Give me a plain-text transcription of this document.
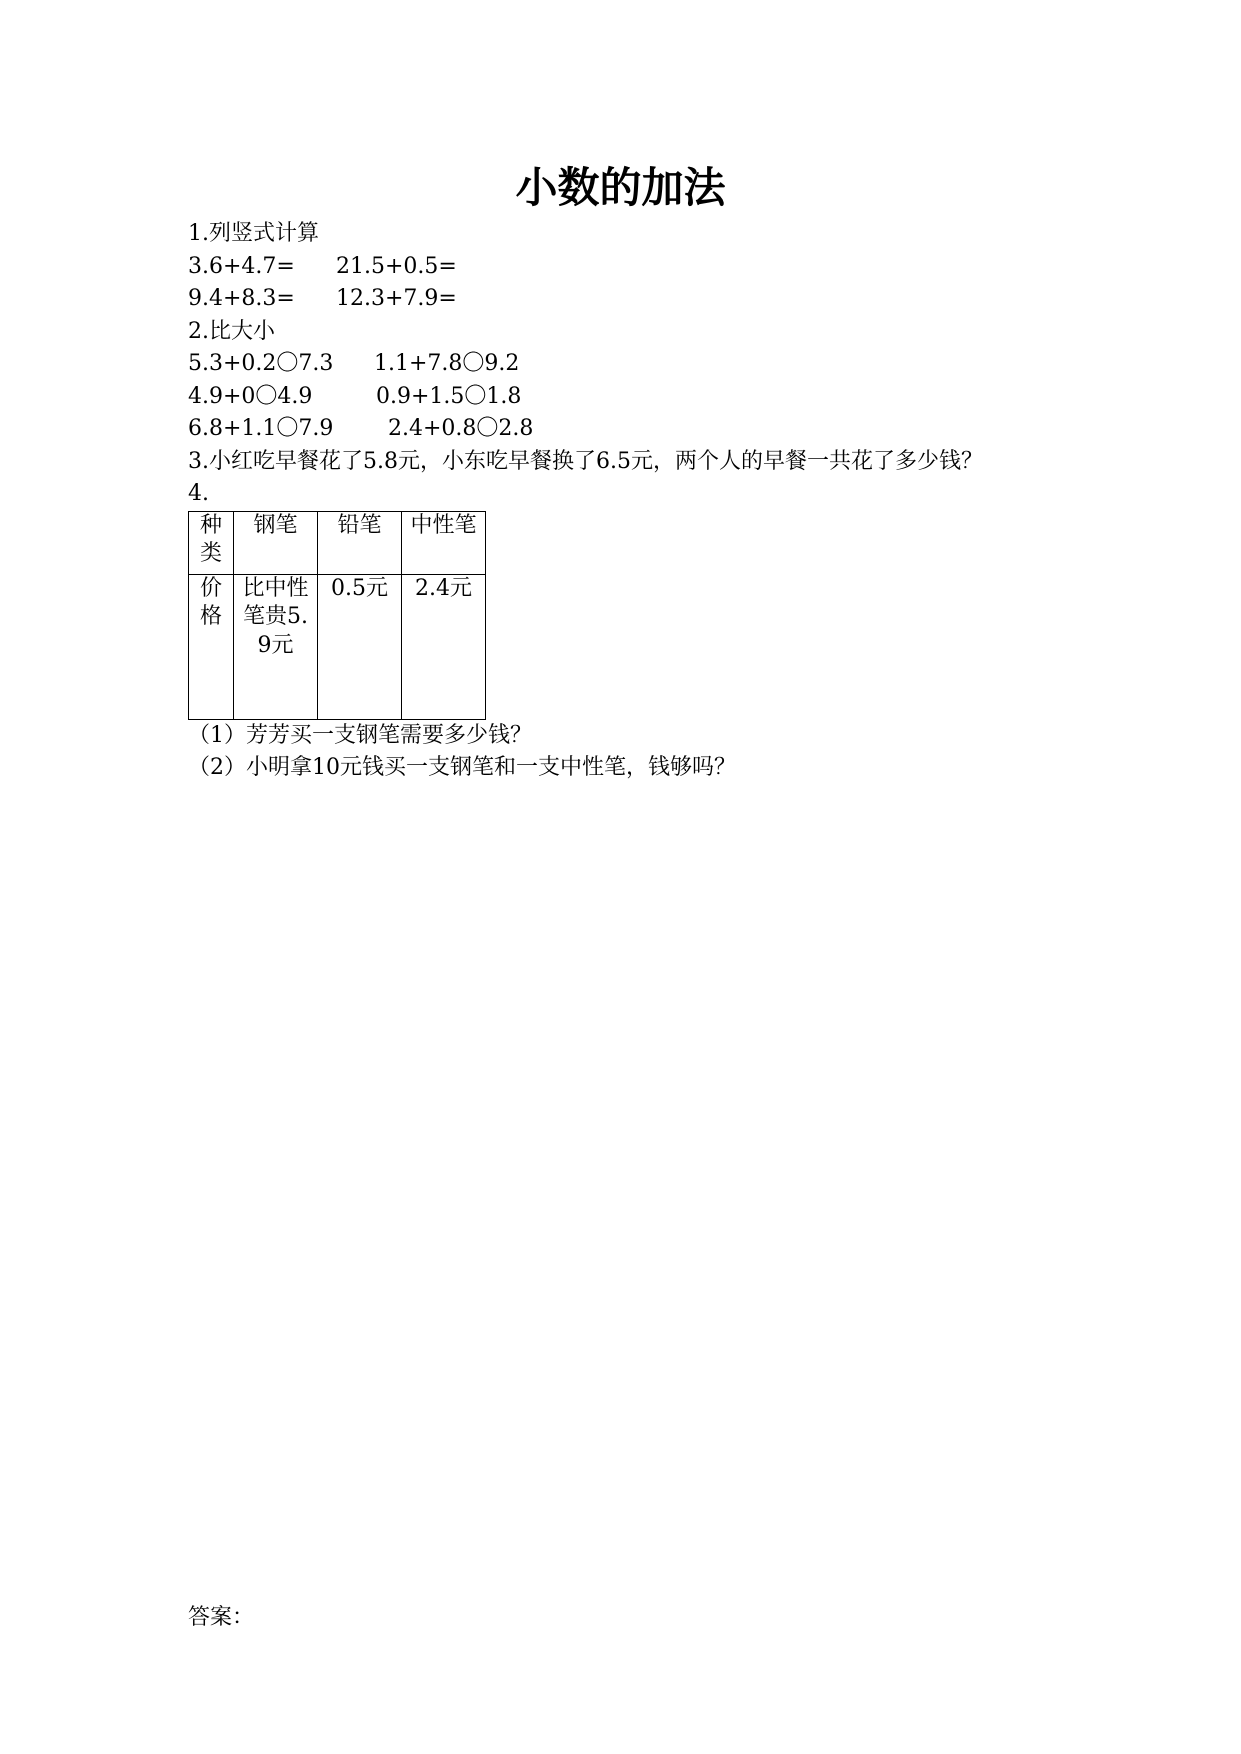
小数的加法
1.列竖式计算
3.6+4.7= 21.5+0.5=
9.4+8.3= 12.3+7.9=
2.比大小
5.3+0.2〇7.3 1.1+7.8〇9.2
4.9+0〇4.9	0.9+1.5〇1.8
6.8+1.1〇7.9 2.4+0.8〇2.8
3.小红吃早餐花了5.8元，小东吃早餐换了6.5元，两个人的早餐一共花了多少钱？
4.
种类	钢笔	铅笔	中性笔

价格	比中性笔贵5.9元	0.5元	2.4元
（1）芳芳买一支钢笔需要多少钱？
（2）小明拿10元钱买一支钢笔和一支中性笔，钱够吗？
答案：
